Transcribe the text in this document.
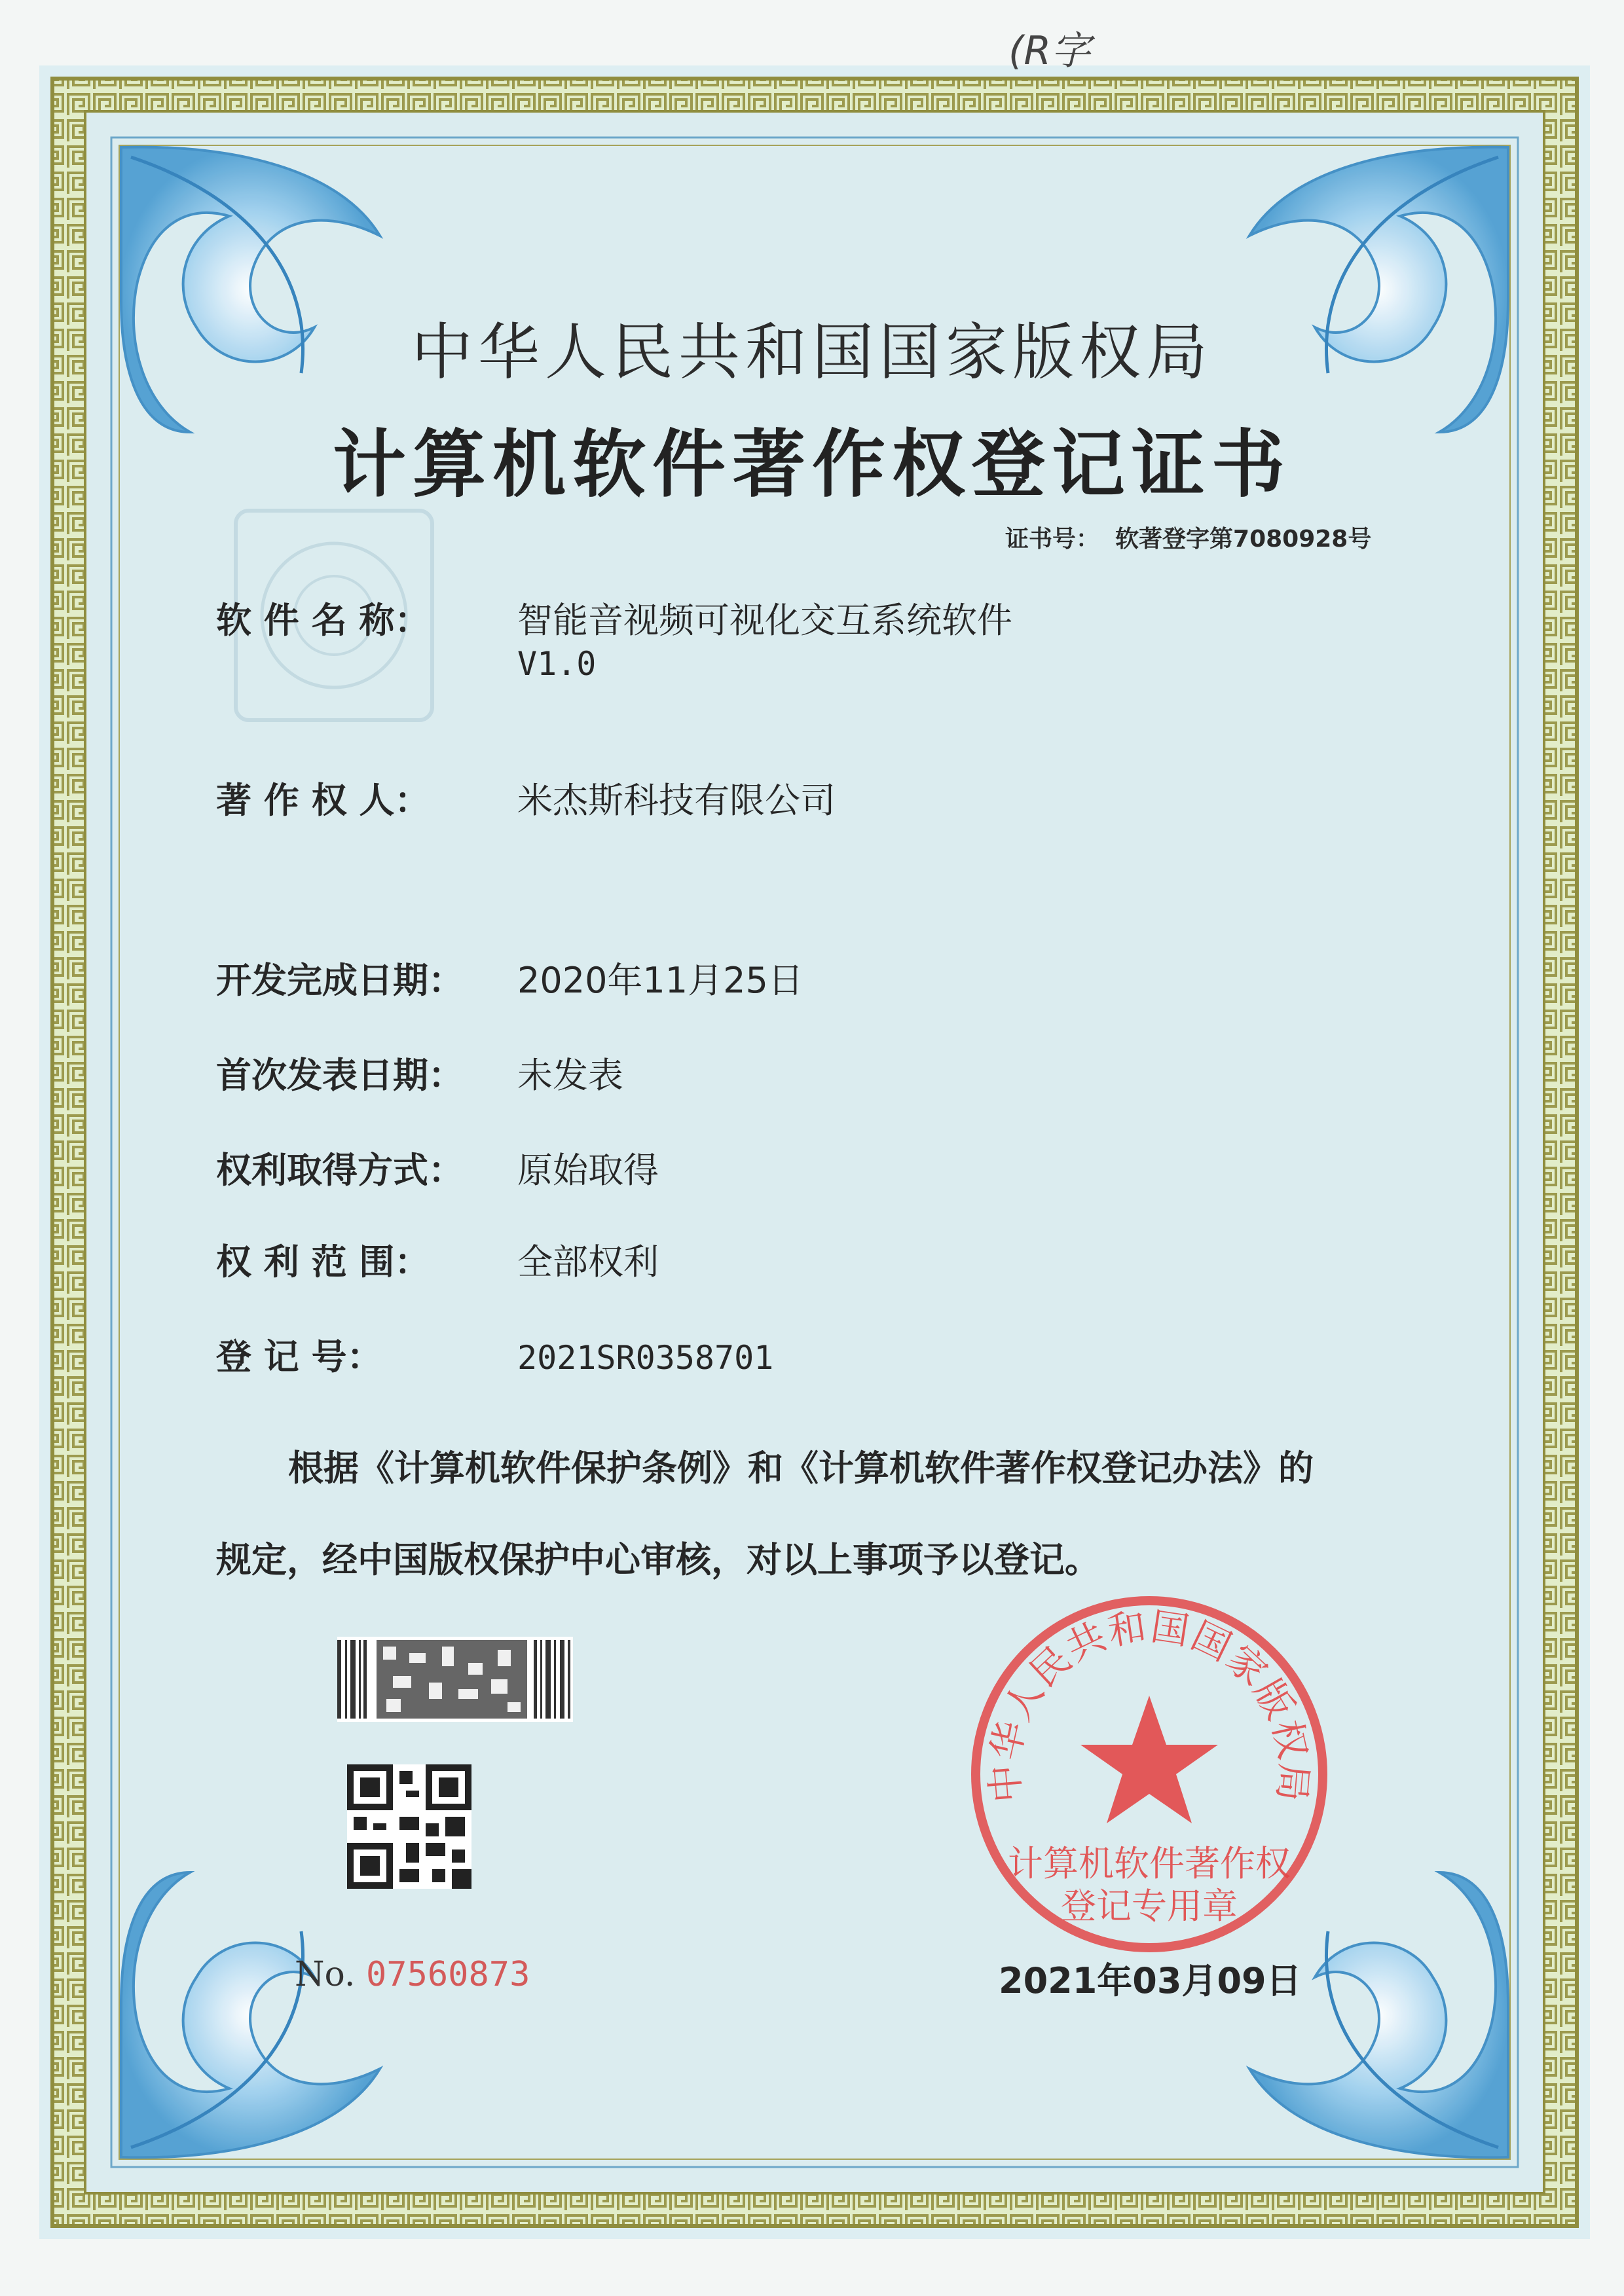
(R字
中华人民共和国国家版权局
计算机软件著作权登记证书
证书号： 软著登字第7080928号
软 件 名 称： 智能音视频可视化交互系统软件
V1.0
著 作 权 人： 米杰斯科技有限公司
开发完成日期： 2020年11月25日
首次发表日期： 未发表
权利取得方式： 原始取得
权 利 范 围： 全部权利
登 记 号：	2021SR0358701
根据《计算机软件保护条例》和《计算机软件著作权登记办法》的
规定，经中国版权保护中心审核，对以上事项予以登记。
No. 07560873
中华人民共和国国家版权局
计算机软件著作权
登记专用章
2021年03月09日
